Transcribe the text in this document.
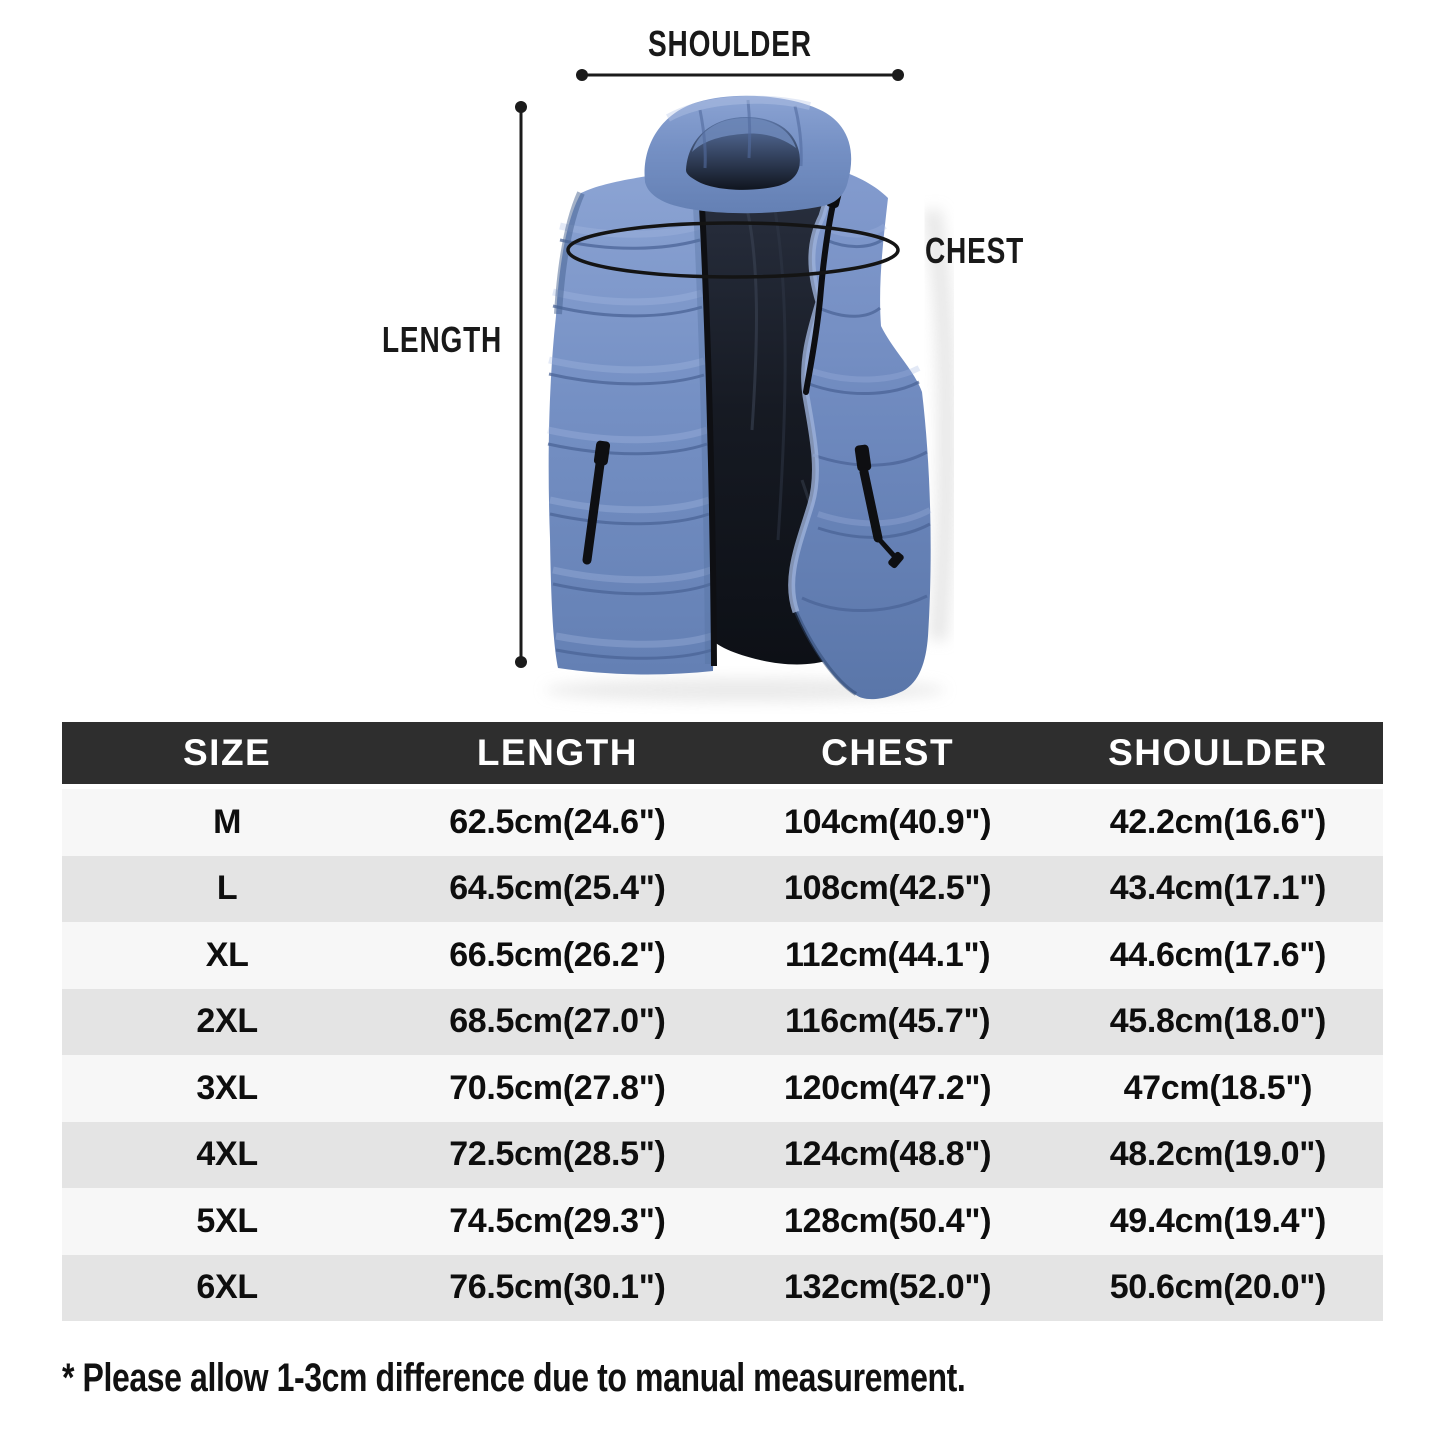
SHOULDER
LENGTH
CHEST
SIZE	LENGTH	CHEST	SHOULDER
M	62.5cm(24.6")	104cm(40.9")	42.2cm(16.6")
L	64.5cm(25.4")	108cm(42.5")	43.4cm(17.1")
XL	66.5cm(26.2")	112cm(44.1")	44.6cm(17.6")
2XL	68.5cm(27.0")	116cm(45.7")	45.8cm(18.0")
3XL	70.5cm(27.8")	120cm(47.2")	47cm(18.5")
4XL	72.5cm(28.5")	124cm(48.8")	48.2cm(19.0")
5XL	74.5cm(29.3")	128cm(50.4")	49.4cm(19.4")
6XL	76.5cm(30.1")	132cm(52.0")	50.6cm(20.0")
* Please allow 1-3cm difference due to manual measurement.
